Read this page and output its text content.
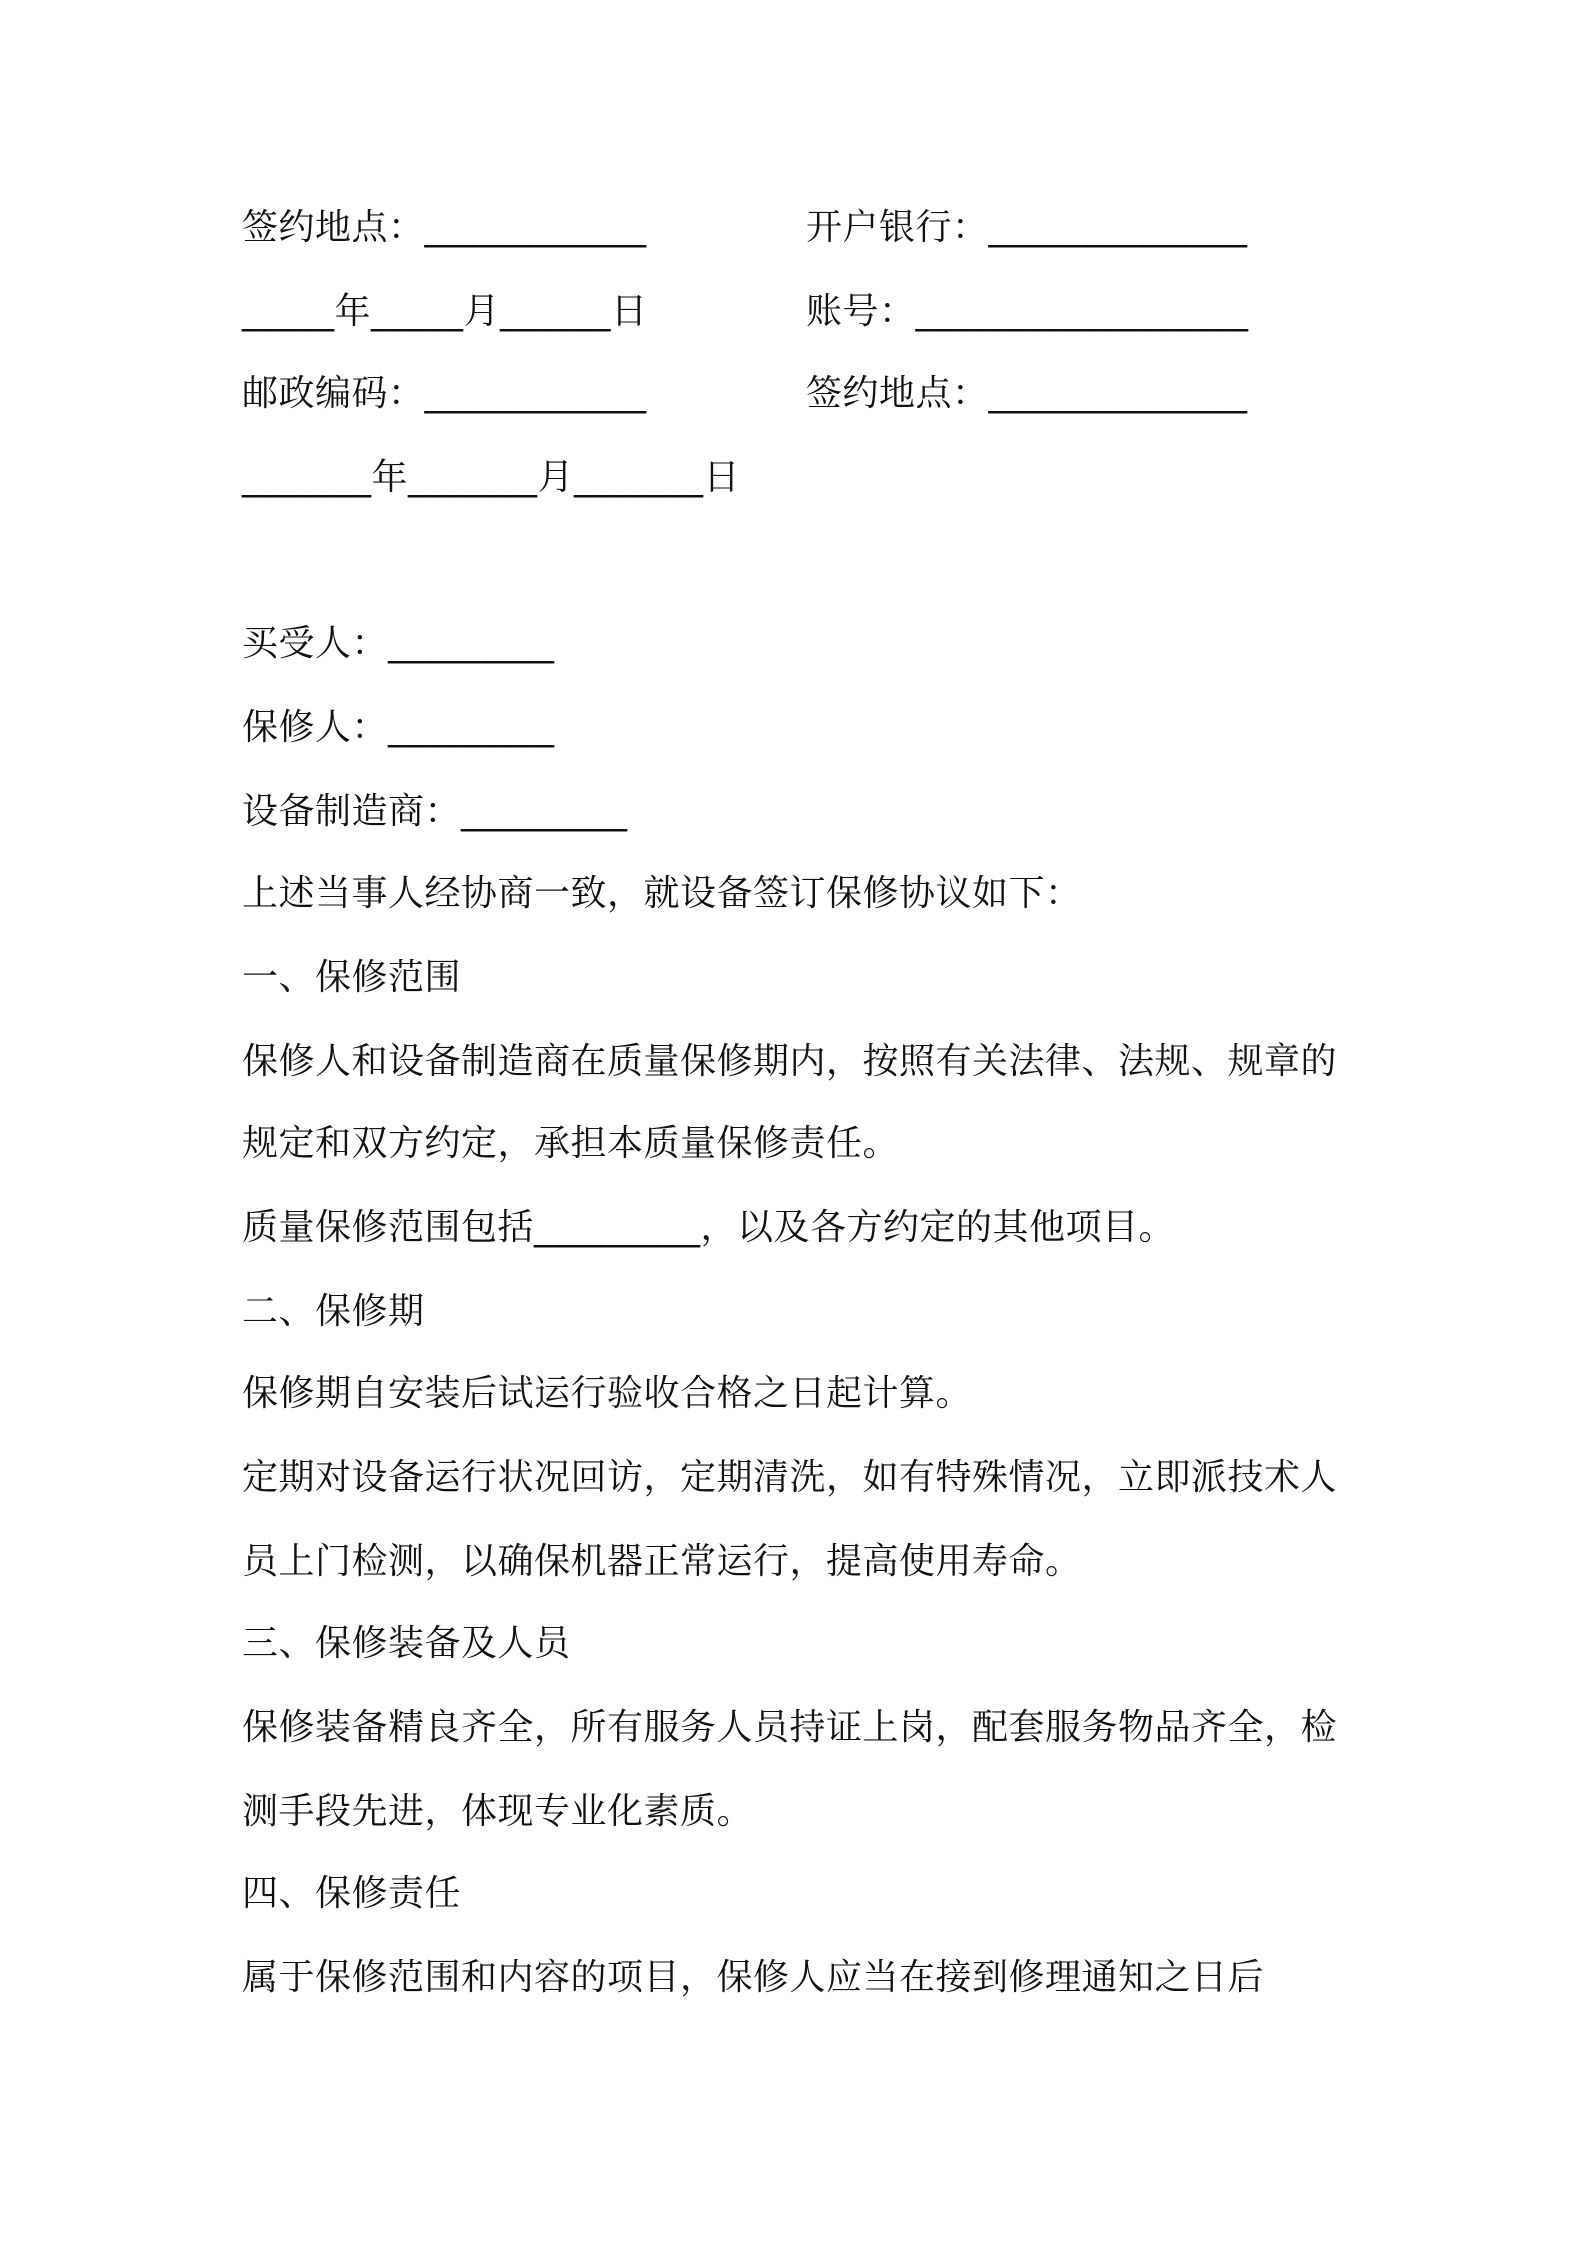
签约地点：____________
_____年_____月______日
邮政编码：____________
_______年_______月_______日
开户银行：______________
账号：__________________
签约地点：______________
买受人：_________
保修人：_________
设备制造商：_________
上述当事人经协商一致，就设备签订保修协议如下：
一、保修范围
保修人和设备制造商在质量保修期内，按照有关法律、法规、规章的
规定和双方约定，承担本质量保修责任。
质量保修范围包括_________，以及各方约定的其他项目。
二、保修期
保修期自安装后试运行验收合格之日起计算。
定期对设备运行状况回访，定期清洗，如有特殊情况，立即派技术人
员上门检测，以确保机器正常运行，提高使用寿命。
三、保修装备及人员
保修装备精良齐全，所有服务人员持证上岗，配套服务物品齐全，检
测手段先进，体现专业化素质。
四、保修责任
属于保修范围和内容的项目，保修人应当在接到修理通知之日后
